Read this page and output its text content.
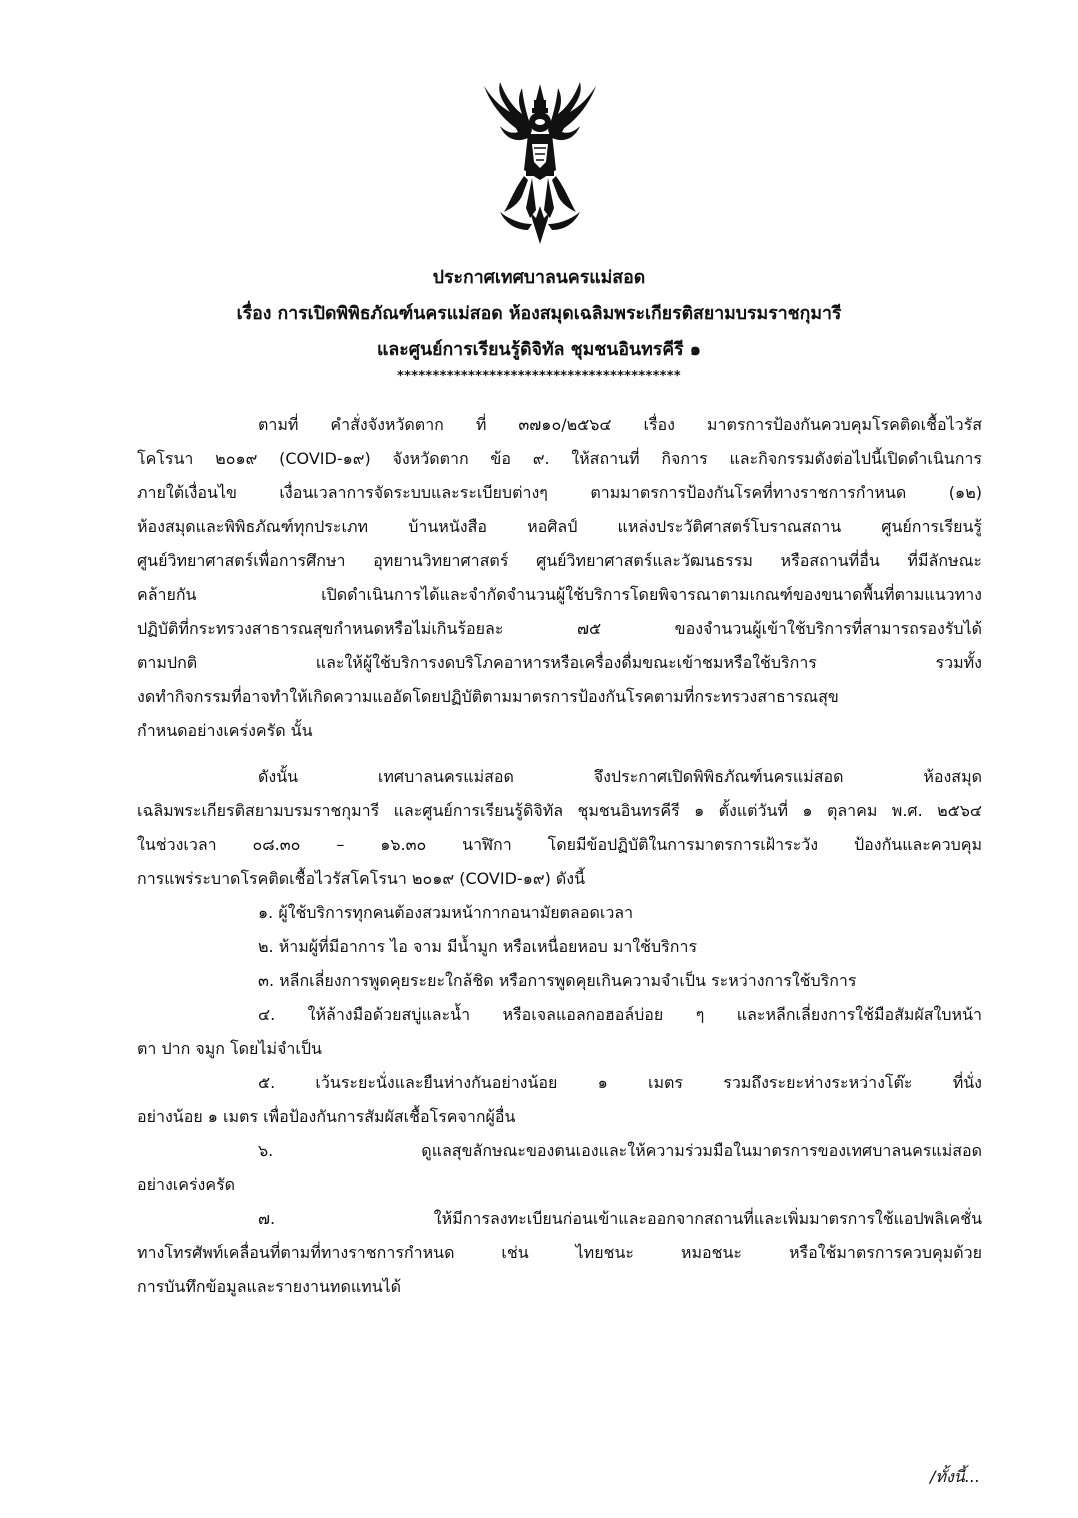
ประกาศเทศบาลนครแม่สอด
เรื่อง การเปิดพิพิธภัณฑ์นครแม่สอด ห้องสมุดเฉลิมพระเกียรติสยามบรมราชกุมารี
และศูนย์การเรียนรู้ดิจิทัล ชุมชนอินทรคีรี ๑
****************************************
ตามที่ คำสั่งจังหวัดตาก ที่ ๓๗๑๐/๒๕๖๔ เรื่อง มาตรการป้องกันควบคุมโรคติดเชื้อไวรัส
โคโรนา ๒๐๑๙ (COVID-๑๙) จังหวัดตาก ข้อ ๙. ให้สถานที่ กิจการ และกิจกรรมดังต่อไปนี้เปิดดำเนินการ
ภายใต้เงื่อนไข เงื่อนเวลาการจัดระบบและระเบียบต่างๆ ตามมาตรการป้องกันโรคที่ทางราชการกำหนด (๑๒)
ห้องสมุดและพิพิธภัณฑ์ทุกประเภท บ้านหนังสือ หอศิลป์ แหล่งประวัติศาสตร์โบราณสถาน ศูนย์การเรียนรู้
ศูนย์วิทยาศาสตร์เพื่อการศึกษา อุทยานวิทยาศาสตร์ ศูนย์วิทยาศาสตร์และวัฒนธรรม หรือสถานที่อื่น ที่มีลักษณะ
คล้ายกัน เปิดดำเนินการได้และจำกัดจำนวนผู้ใช้บริการโดยพิจารณาตามเกณฑ์ของขนาดพื้นที่ตามแนวทาง
ปฏิบัติที่กระทรวงสาธารณสุขกำหนดหรือไม่เกินร้อยละ ๗๕ ของจำนวนผู้เข้าใช้บริการที่สามารถรองรับได้
ตามปกติ และให้ผู้ใช้บริการงดบริโภคอาหารหรือเครื่องดื่มขณะเข้าชมหรือใช้บริการ รวมทั้ง
งดทำกิจกรรมที่อาจทำให้เกิดความแออัดโดยปฏิบัติตามมาตรการป้องกันโรคตามที่กระทรวงสาธารณสุข
กำหนดอย่างเคร่งครัด นั้น
ดังนั้น เทศบาลนครแม่สอด จึงประกาศเปิดพิพิธภัณฑ์นครแม่สอด ห้องสมุด
เฉลิมพระเกียรติสยามบรมราชกุมารี และศูนย์การเรียนรู้ดิจิทัล ชุมชนอินทรคีรี ๑ ตั้งแต่วันที่ ๑ ตุลาคม พ.ศ. ๒๕๖๔
ในช่วงเวลา ๐๘.๓๐ – ๑๖.๓๐ นาฬิกา โดยมีข้อปฏิบัติในการมาตรการเฝ้าระวัง ป้องกันและควบคุม
การแพร่ระบาดโรคติดเชื้อไวรัสโคโรนา ๒๐๑๙ (COVID-๑๙) ดังนี้
๑. ผู้ใช้บริการทุกคนต้องสวมหน้ากากอนามัยตลอดเวลา
๒. ห้ามผู้ที่มีอาการ ไอ จาม มีน้ำมูก หรือเหนื่อยหอบ มาใช้บริการ
๓. หลีกเลี่ยงการพูดคุยระยะใกล้ชิด หรือการพูดคุยเกินความจำเป็น ระหว่างการใช้บริการ
๔. ให้ล้างมือด้วยสบู่และน้ำ หรือเจลแอลกอฮอล์บ่อย ๆ และหลีกเลี่ยงการใช้มือสัมผัสใบหน้า
ตา ปาก จมูก โดยไม่จำเป็น
๕. เว้นระยะนั่งและยืนห่างกันอย่างน้อย ๑ เมตร รวมถึงระยะห่างระหว่างโต๊ะ ที่นั่ง
อย่างน้อย ๑ เมตร เพื่อป้องกันการสัมผัสเชื้อโรคจากผู้อื่น
๖. ดูแลสุขลักษณะของตนเองและให้ความร่วมมือในมาตรการของเทศบาลนครแม่สอด
อย่างเคร่งครัด
๗. ให้มีการลงทะเบียนก่อนเข้าและออกจากสถานที่และเพิ่มมาตรการใช้แอปพลิเคชั่น
ทางโทรศัพท์เคลื่อนที่ตามที่ทางราชการกำหนด เช่น ไทยชนะ หมอชนะ หรือใช้มาตรการควบคุมด้วย
การบันทึกข้อมูลและรายงานทดแทนได้
/ทั้งนี้...
